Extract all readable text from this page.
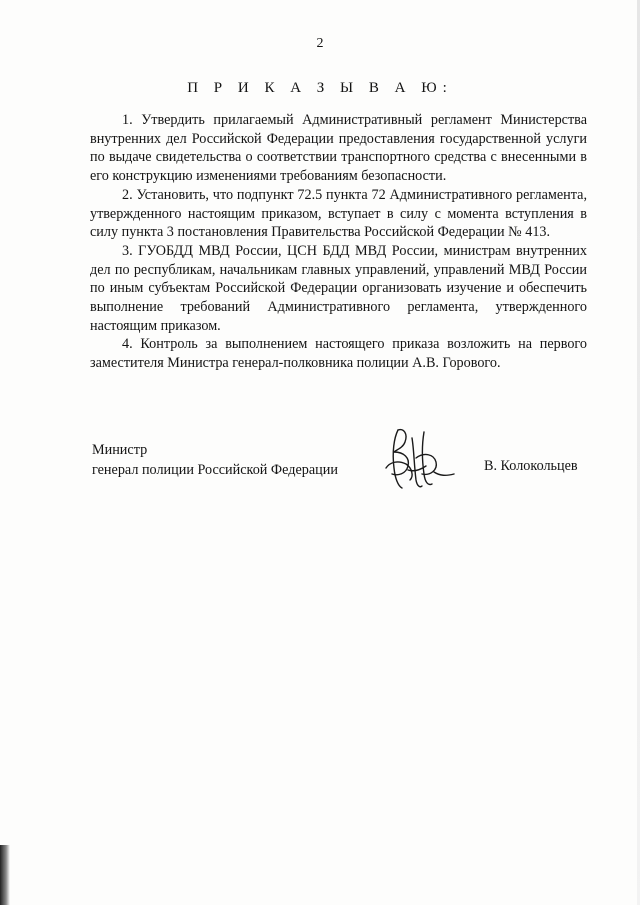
2
П Р И К А З Ы В А Ю:

1. Утвердить прилагаемый Административный регламент Министерства внутренних дел Российской Федерации предоставления государственной услуги по выдаче свидетельства о соответствии транспортного средства с внесенными в его конструкцию изменениями требованиям безопасности.

2. Установить, что подпункт 72.5 пункта 72 Административного регламента, утвержденного настоящим приказом, вступает в силу с момента вступления в силу пункта 3 постановления Правительства Российской Федерации № 413.

3. ГУОБДД МВД России, ЦСН БДД МВД России, министрам внутренних дел по республикам, начальникам главных управлений, управлений МВД России по иным субъектам Российской Федерации организовать изучение и обеспечить выполнение требований Административного регламента, утвержденного настоящим приказом.

4. Контроль за выполнением настоящего приказа возложить на первого заместителя Министра генерал-полковника полиции А.В. Горового.

Министр
генерал полиции Российской Федерации	В. Колокольцев
